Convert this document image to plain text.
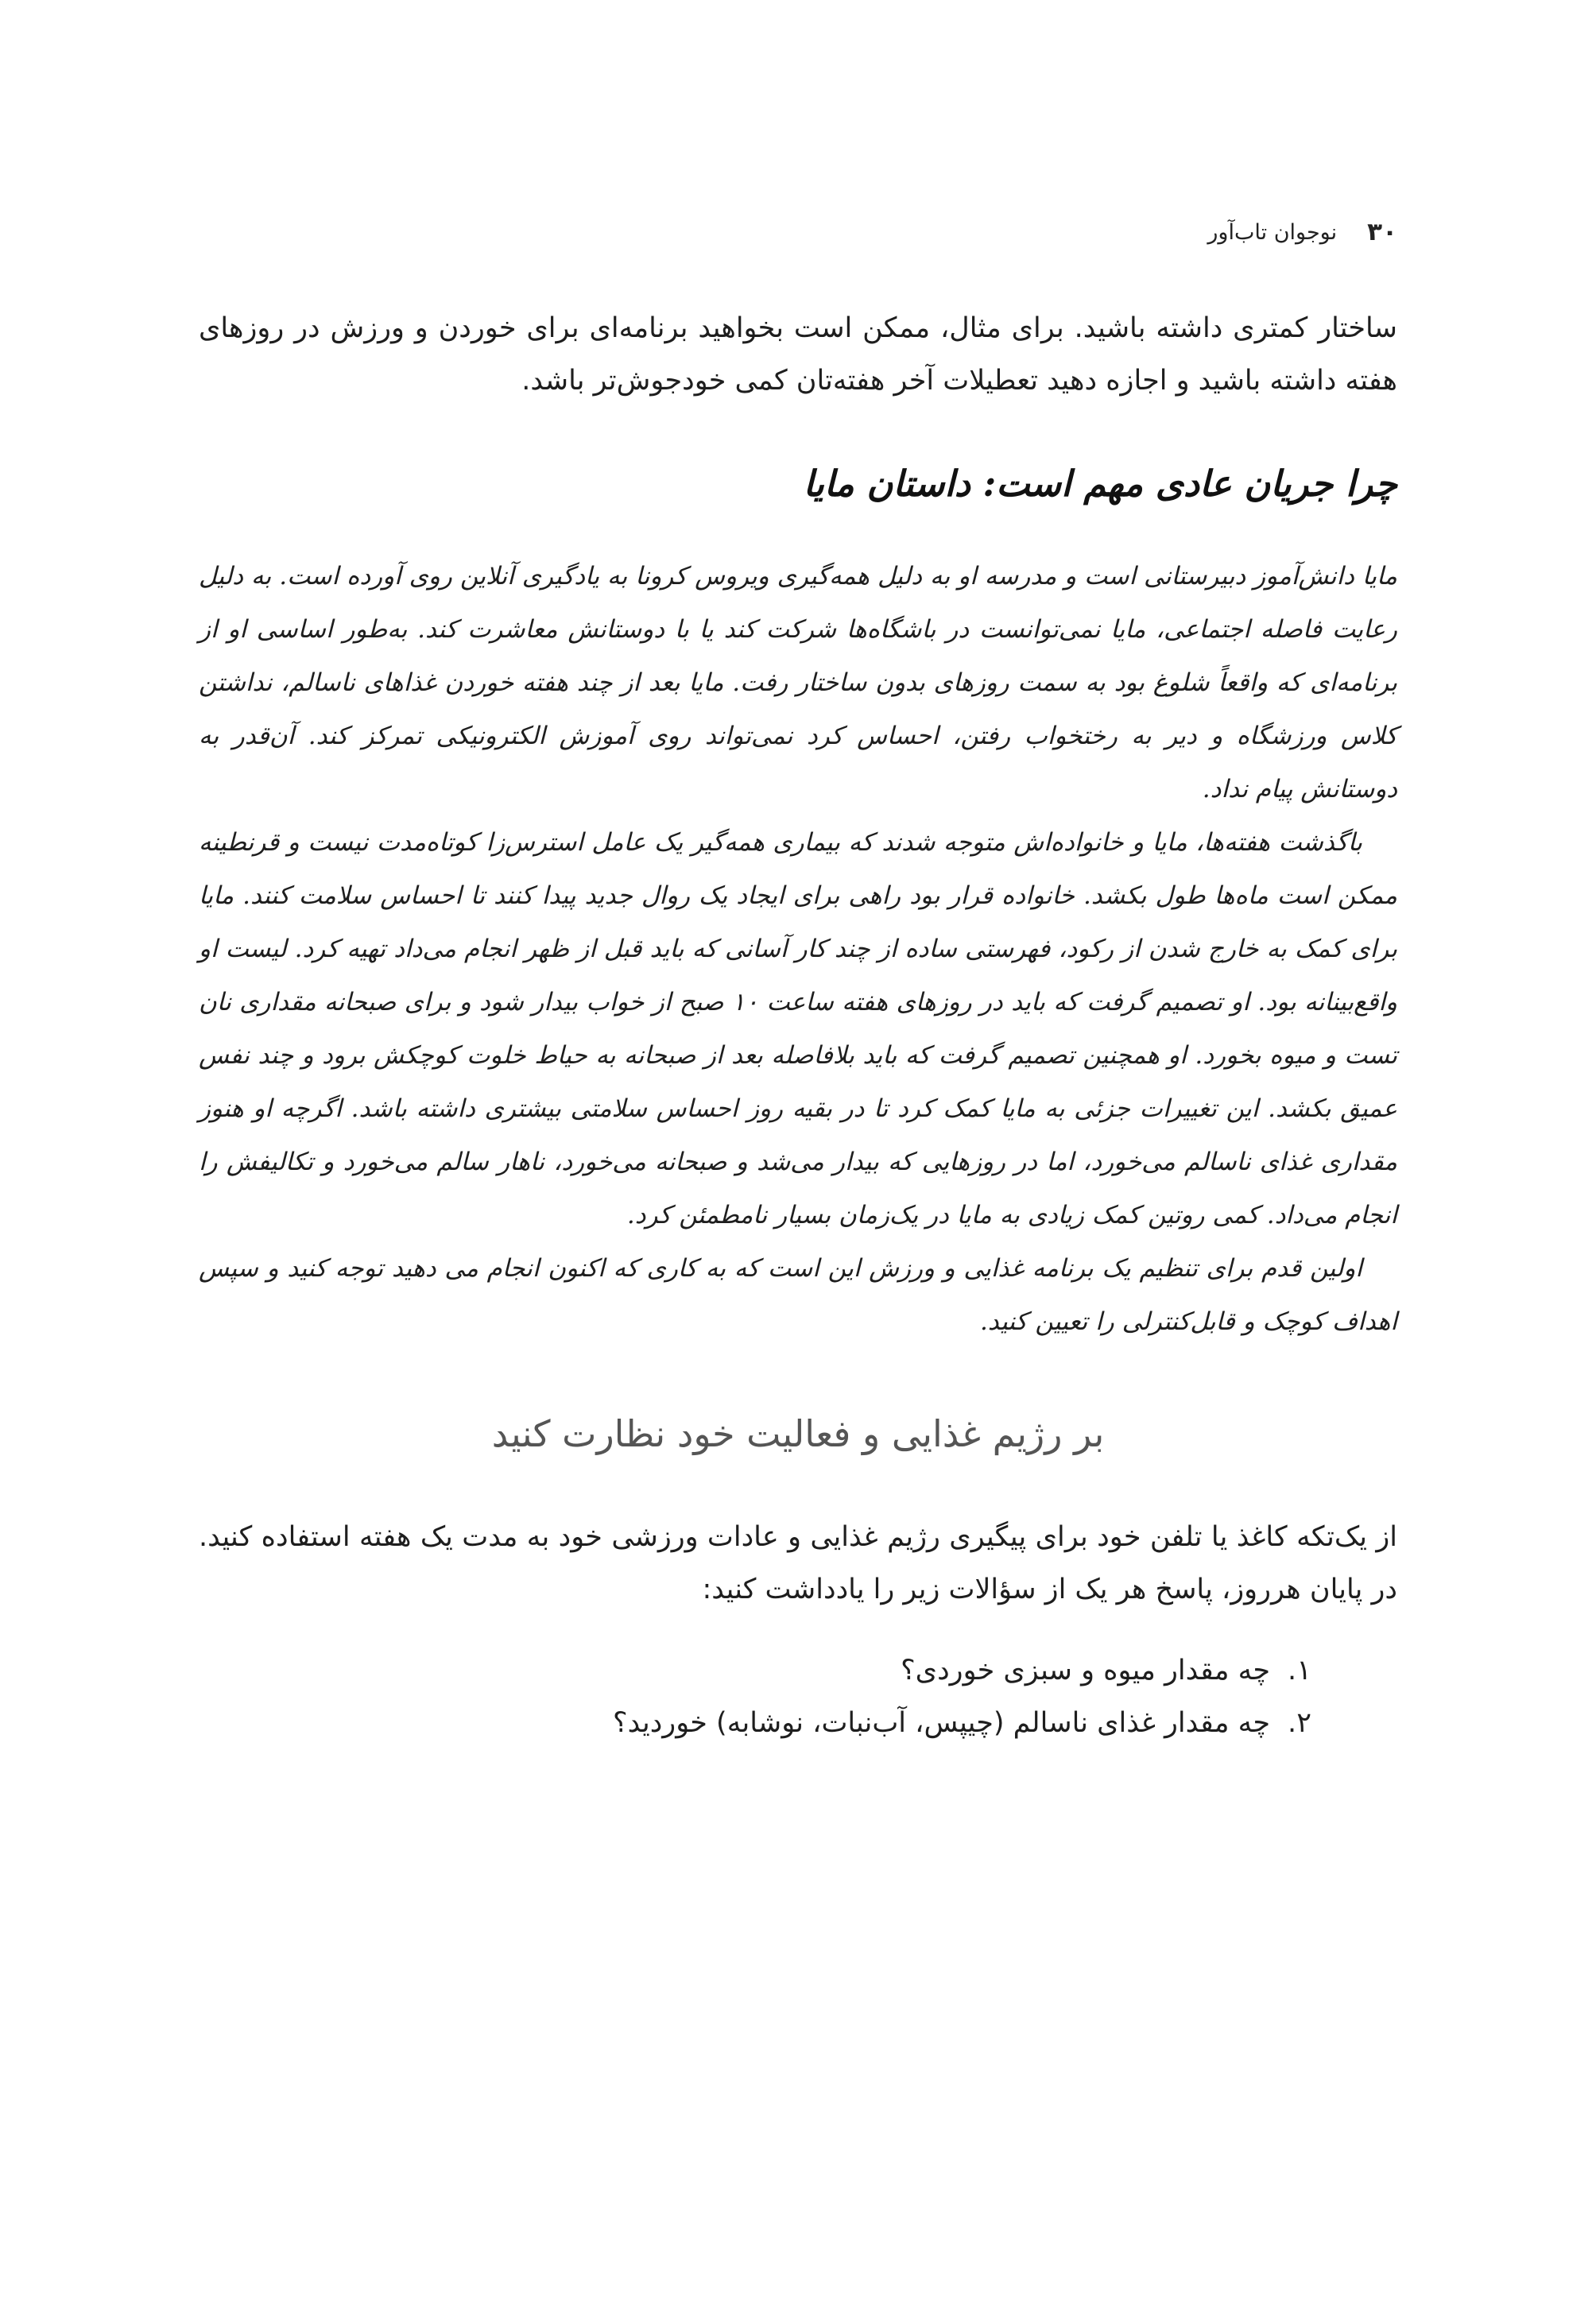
۳۰
نوجوان تاب‌آور

ساختار کمتری داشته باشید. برای مثال، ممکن است بخواهید برنامه‌ای برای خوردن و ورزش در روزهای هفته داشته باشید و اجازه دهید تعطیلات آخر هفته‌تان کمی خودجوش‌تر باشد.

چرا جریان عادی مهم است: داستان مایا

مایا دانش‌آموز دبیرستانی است و مدرسه او به دلیل همه‌گیری ویروس کرونا به یادگیری آنلاین روی آورده است. به دلیل رعایت فاصله اجتماعی، مایا نمی‌توانست در باشگاه‌ها شرکت کند یا با دوستانش معاشرت کند. به‌طور اساسی او از برنامه‌ای که واقعاً شلوغ بود به سمت روزهای بدون ساختار رفت. مایا بعد از چند هفته خوردن غذاهای ناسالم، نداشتن کلاس ورزشگاه و دیر به رختخواب رفتن، احساس کرد نمی‌تواند روی آموزش الکترونیکی تمرکز کند. آن‌قدر به دوستانش پیام نداد.

باگذشت هفته‌ها، مایا و خانواده‌اش متوجه شدند که بیماری همه‌گیر یک عامل استرس‌زا کوتاه‌مدت نیست و قرنطینه ممکن است ماه‌ها طول بکشد. خانواده قرار بود راهی برای ایجاد یک روال جدید پیدا کنند تا احساس سلامت کنند. مایا برای کمک به خارج شدن از رکود، فهرستی ساده از چند کار آسانی که باید قبل از ظهر انجام می‌داد تهیه کرد. لیست او واقع‌بینانه بود. او تصمیم گرفت که باید در روزهای هفته ساعت ۱۰ صبح از خواب بیدار شود و برای صبحانه مقداری نان تست و میوه بخورد. او همچنین تصمیم گرفت که باید بلافاصله بعد از صبحانه به حیاط خلوت کوچکش برود و چند نفس عمیق بکشد. این تغییرات جزئی به مایا کمک کرد تا در بقیه روز احساس سلامتی بیشتری داشته باشد. اگرچه او هنوز مقداری غذای ناسالم می‌خورد، اما در روزهایی که بیدار می‌شد و صبحانه می‌خورد، ناهار سالم می‌خورد و تکالیفش را انجام می‌داد. کمی روتین کمک زیادی به مایا در یک‌زمان بسیار نامطمئن کرد.

اولین قدم برای تنظیم یک برنامه غذایی و ورزش این است که به کاری که اکنون انجام می دهید توجه کنید و سپس اهداف کوچک و قابل‌کنترلی را تعیین کنید.

بر رژیم غذایی و فعالیت خود نظارت کنید

از یک‌تکه کاغذ یا تلفن خود برای پیگیری رژیم غذایی و عادات ورزشی خود به مدت یک هفته استفاده کنید. در پایان هرروز، پاسخ هر یک از سؤالات زیر را یادداشت کنید:

۱.
چه مقدار میوه و سبزی خوردی؟
۲.
چه مقدار غذای ناسالم (چیپس، آب‌نبات، نوشابه) خوردید؟
